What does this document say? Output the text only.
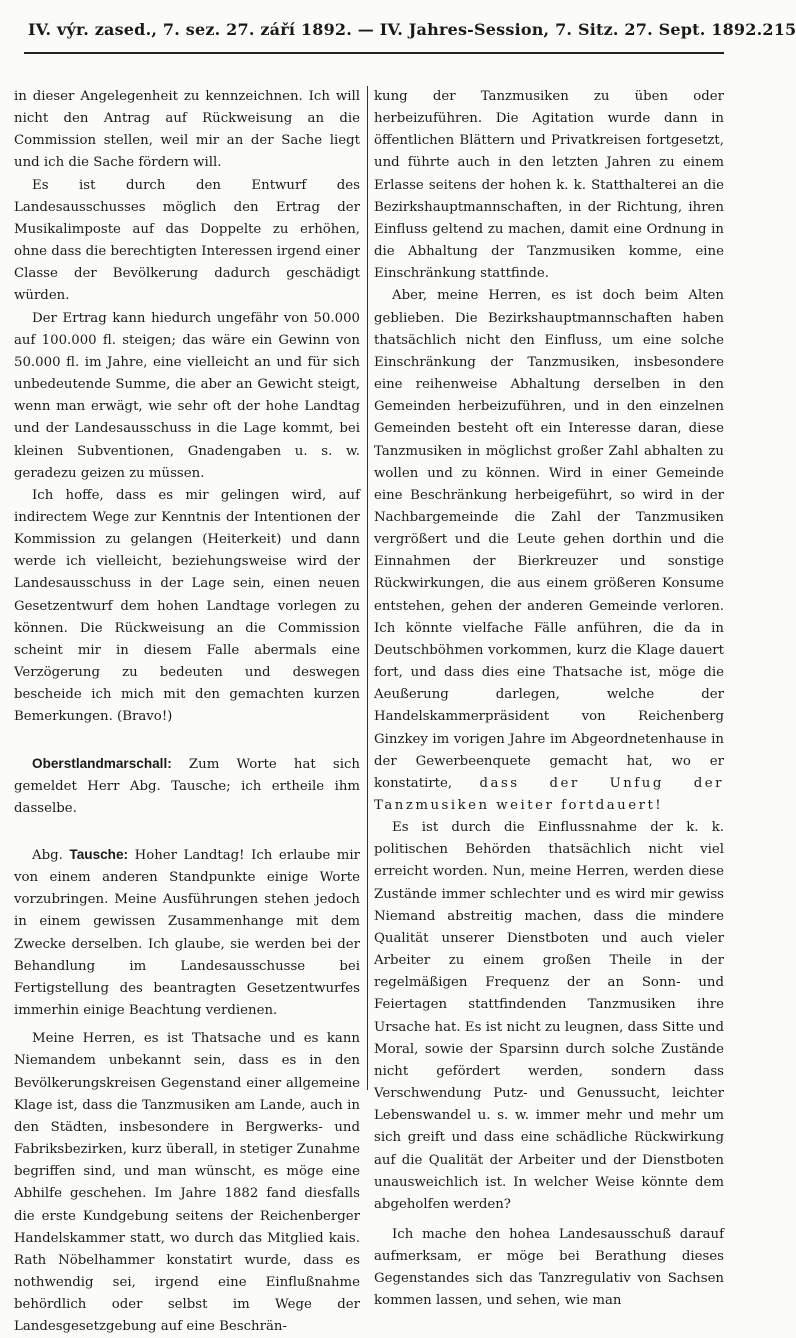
IV. výr. zased., 7. sez. 27. září 1892. — IV. Jahres-Session, 7. Sitz. 27. Sept. 1892. 215

in dieser Angelegenheit zu kennzeichnen. Ich will nicht den Antrag auf Rückweisung an die Commission stellen, weil mir an der Sache liegt und ich die Sache fördern will.

Es ist durch den Entwurf des Landesausschusses möglich den Ertrag der Musikalimposte auf das Doppelte zu erhöhen, ohne dass die berechtigten Interessen irgend einer Classe der Bevölkerung dadurch geschädigt würden.

Der Ertrag kann hiedurch ungefähr von 50.000 auf 100.000 fl. steigen; das wäre ein Gewinn von 50.000 fl. im Jahre, eine vielleicht an und für sich unbedeutende Summe, die aber an Gewicht steigt, wenn man erwägt, wie sehr oft der hohe Landtag und der Landesausschuss in die Lage kommt, bei kleinen Subventionen, Gnadengaben u. s. w. geradezu geizen zu müssen.

Ich hoffe, dass es mir gelingen wird, auf indirectem Wege zur Kenntnis der Intentionen der Kommission zu gelangen (Heiterkeit) und dann werde ich vielleicht, beziehungsweise wird der Landesausschuss in der Lage sein, einen neuen Gesetzentwurf dem hohen Landtage vorlegen zu können. Die Rückweisung an die Commission scheint mir in diesem Falle abermals eine Verzögerung zu bedeuten und deswegen bescheide ich mich mit den gemachten kurzen Bemerkungen. (Bravo!)

Oberstlandmarschall: Zum Worte hat sich gemeldet Herr Abg. Tausche; ich ertheile ihm dasselbe.

Abg. Tausche: Hoher Landtag! Ich erlaube mir von einem anderen Standpunkte einige Worte vorzubringen. Meine Ausführungen stehen jedoch in einem gewissen Zusammenhange mit dem Zwecke derselben. Ich glaube, sie werden bei der Behandlung im Landesausschusse bei Fertigstellung des beantragten Gesetzentwurfes immerhin einige Beachtung verdienen.

Meine Herren, es ist Thatsache und es kann Niemandem unbekannt sein, dass es in den Bevölkerungskreisen Gegenstand einer allgemeine Klage ist, dass die Tanzmusiken am Lande, auch in den Städten, insbesondere in Bergwerks- und Fabriksbezirken, kurz überall, in stetiger Zunahme begriffen sind, und man wünscht, es möge eine Abhilfe geschehen. Im Jahre 1882 fand diesfalls die erste Kundgebung seitens der Reichenberger Handelskammer statt, wo durch das Mitglied kais. Rath Nöbelhammer konstatirt wurde, dass es nothwendig sei, irgend eine Einflußnahme behördlich oder selbst im Wege der Landesgesetzgebung auf eine Beschrän-

kung der Tanzmusiken zu üben oder herbeizuführen. Die Agitation wurde dann in öffentlichen Blättern und Privatkreisen fortgesetzt, und führte auch in den letzten Jahren zu einem Erlasse seitens der hohen k. k. Statthalterei an die Bezirkshauptmannschaften, in der Richtung, ihren Einfluss geltend zu machen, damit eine Ordnung in die Abhaltung der Tanzmusiken komme, eine Einschränkung stattfinde.

Aber, meine Herren, es ist doch beim Alten geblieben. Die Bezirkshauptmannschaften haben thatsächlich nicht den Einfluss, um eine solche Einschränkung der Tanzmusiken, insbesondere eine reihenweise Abhaltung derselben in den Gemeinden herbeizuführen, und in den einzelnen Gemeinden besteht oft ein Interesse daran, diese Tanzmusiken in möglichst großer Zahl abhalten zu wollen und zu können. Wird in einer Gemeinde eine Beschränkung herbeigeführt, so wird in der Nachbargemeinde die Zahl der Tanzmusiken vergrößert und die Leute gehen dorthin und die Einnahmen der Bierkreuzer und sonstige Rückwirkungen, die aus einem größeren Konsume entstehen, gehen der anderen Gemeinde verloren. Ich könnte vielfache Fälle anführen, die da in Deutschböhmen vorkommen, kurz die Klage dauert fort, und dass dies eine Thatsache ist, möge die Aeußerung darlegen, welche der Handelskammerpräsident von Reichenberg Ginzkey im vorigen Jahre im Abgeordnetenhause in der Gewerbeenquete gemacht hat, wo er konstatirte, dass der Unfug der Tanzmusiken weiter fortdauert!

Es ist durch die Einflussnahme der k. k. politischen Behörden thatsächlich nicht viel erreicht worden. Nun, meine Herren, werden diese Zustände immer schlechter und es wird mir gewiss Niemand abstreitig machen, dass die mindere Qualität unserer Dienstboten und auch vieler Arbeiter zu einem großen Theile in der regelmäßigen Frequenz der an Sonn- und Feiertagen stattfindenden Tanzmusiken ihre Ursache hat. Es ist nicht zu leugnen, dass Sitte und Moral, sowie der Sparsinn durch solche Zustände nicht gefördert werden, sondern dass Verschwendung Putz- und Genussucht, leichter Lebenswandel u. s. w. immer mehr und mehr um sich greift und dass eine schädliche Rückwirkung auf die Qualität der Arbeiter und der Dienstboten unausweichlich ist. In welcher Weise könnte dem abgeholfen werden?

Ich mache den hohea Landesausschuß darauf aufmerksam, er möge bei Berathung dieses Gegenstandes sich das Tanzregulativ von Sachsen kommen lassen, und sehen, wie man
